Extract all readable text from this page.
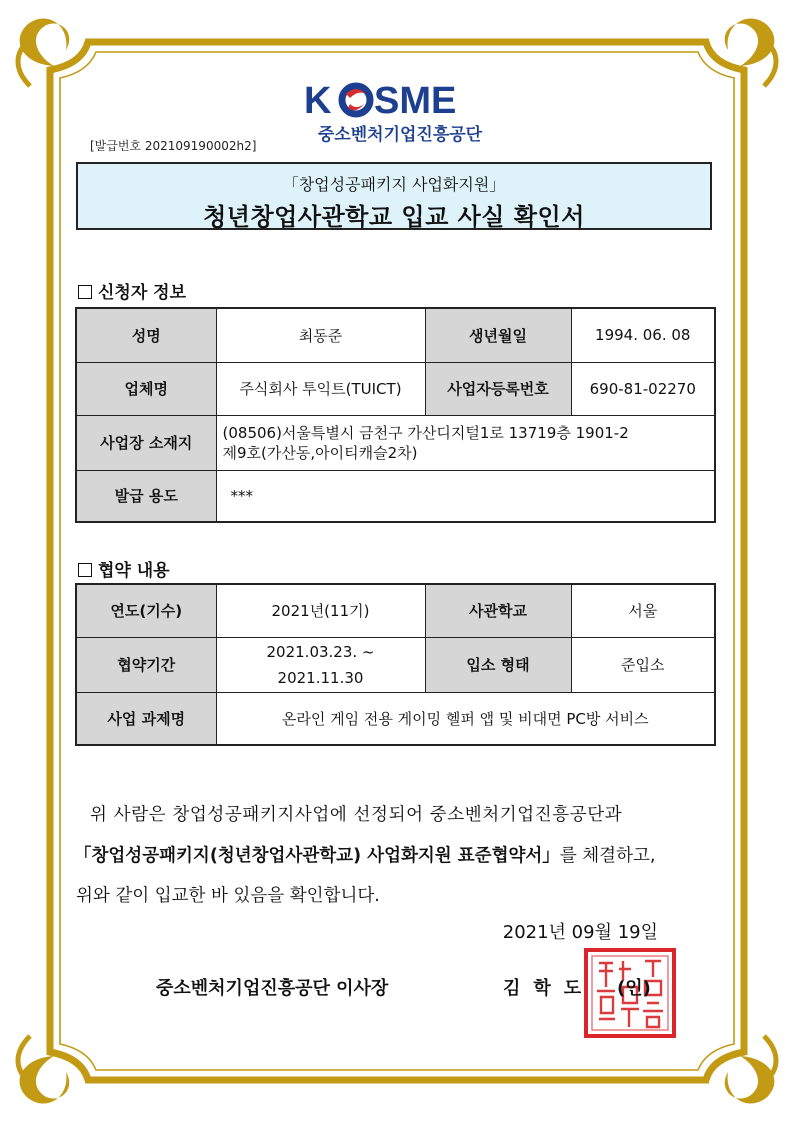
K SME
중소벤처기업진흥공단
[발급번호 202109190002h2]
「창업성공패키지 사업화지원」
청년창업사관학교 입교 사실 확인서
신청자 정보
성명	최동준	생년월일	1994. 06. 08
업체명	주식회사 투익트(TUICT)	사업자등록번호	690-81-02270
사업장 소재지	(08506)서울특별시 금천구 가산디지털1로 13719층 1901-2
제9호(가산동,아이티캐슬2차)		

발급 용도	***		
협약 내용
연도(기수)	2021년(11기)	사관학교	서울
협약기간	2021.03.23. ~
2021.11.30	입소 형태	준입소
사업 과제명	온라인 게임 전용 게이밍 헬퍼 앱 및 비대면 PC방 서비스		
위 사람은 창업성공패키지사업에 선정되어 중소벤처기업진흥공단과
「창업성공패키지(청년창업사관학교) 사업화지원 표준협약서」를 체결하고,
위와 같이 입교한 바 있음을 확인합니다.
2021년 09월 19일
중소벤처기업진흥공단 이사장	김학도 (인)
